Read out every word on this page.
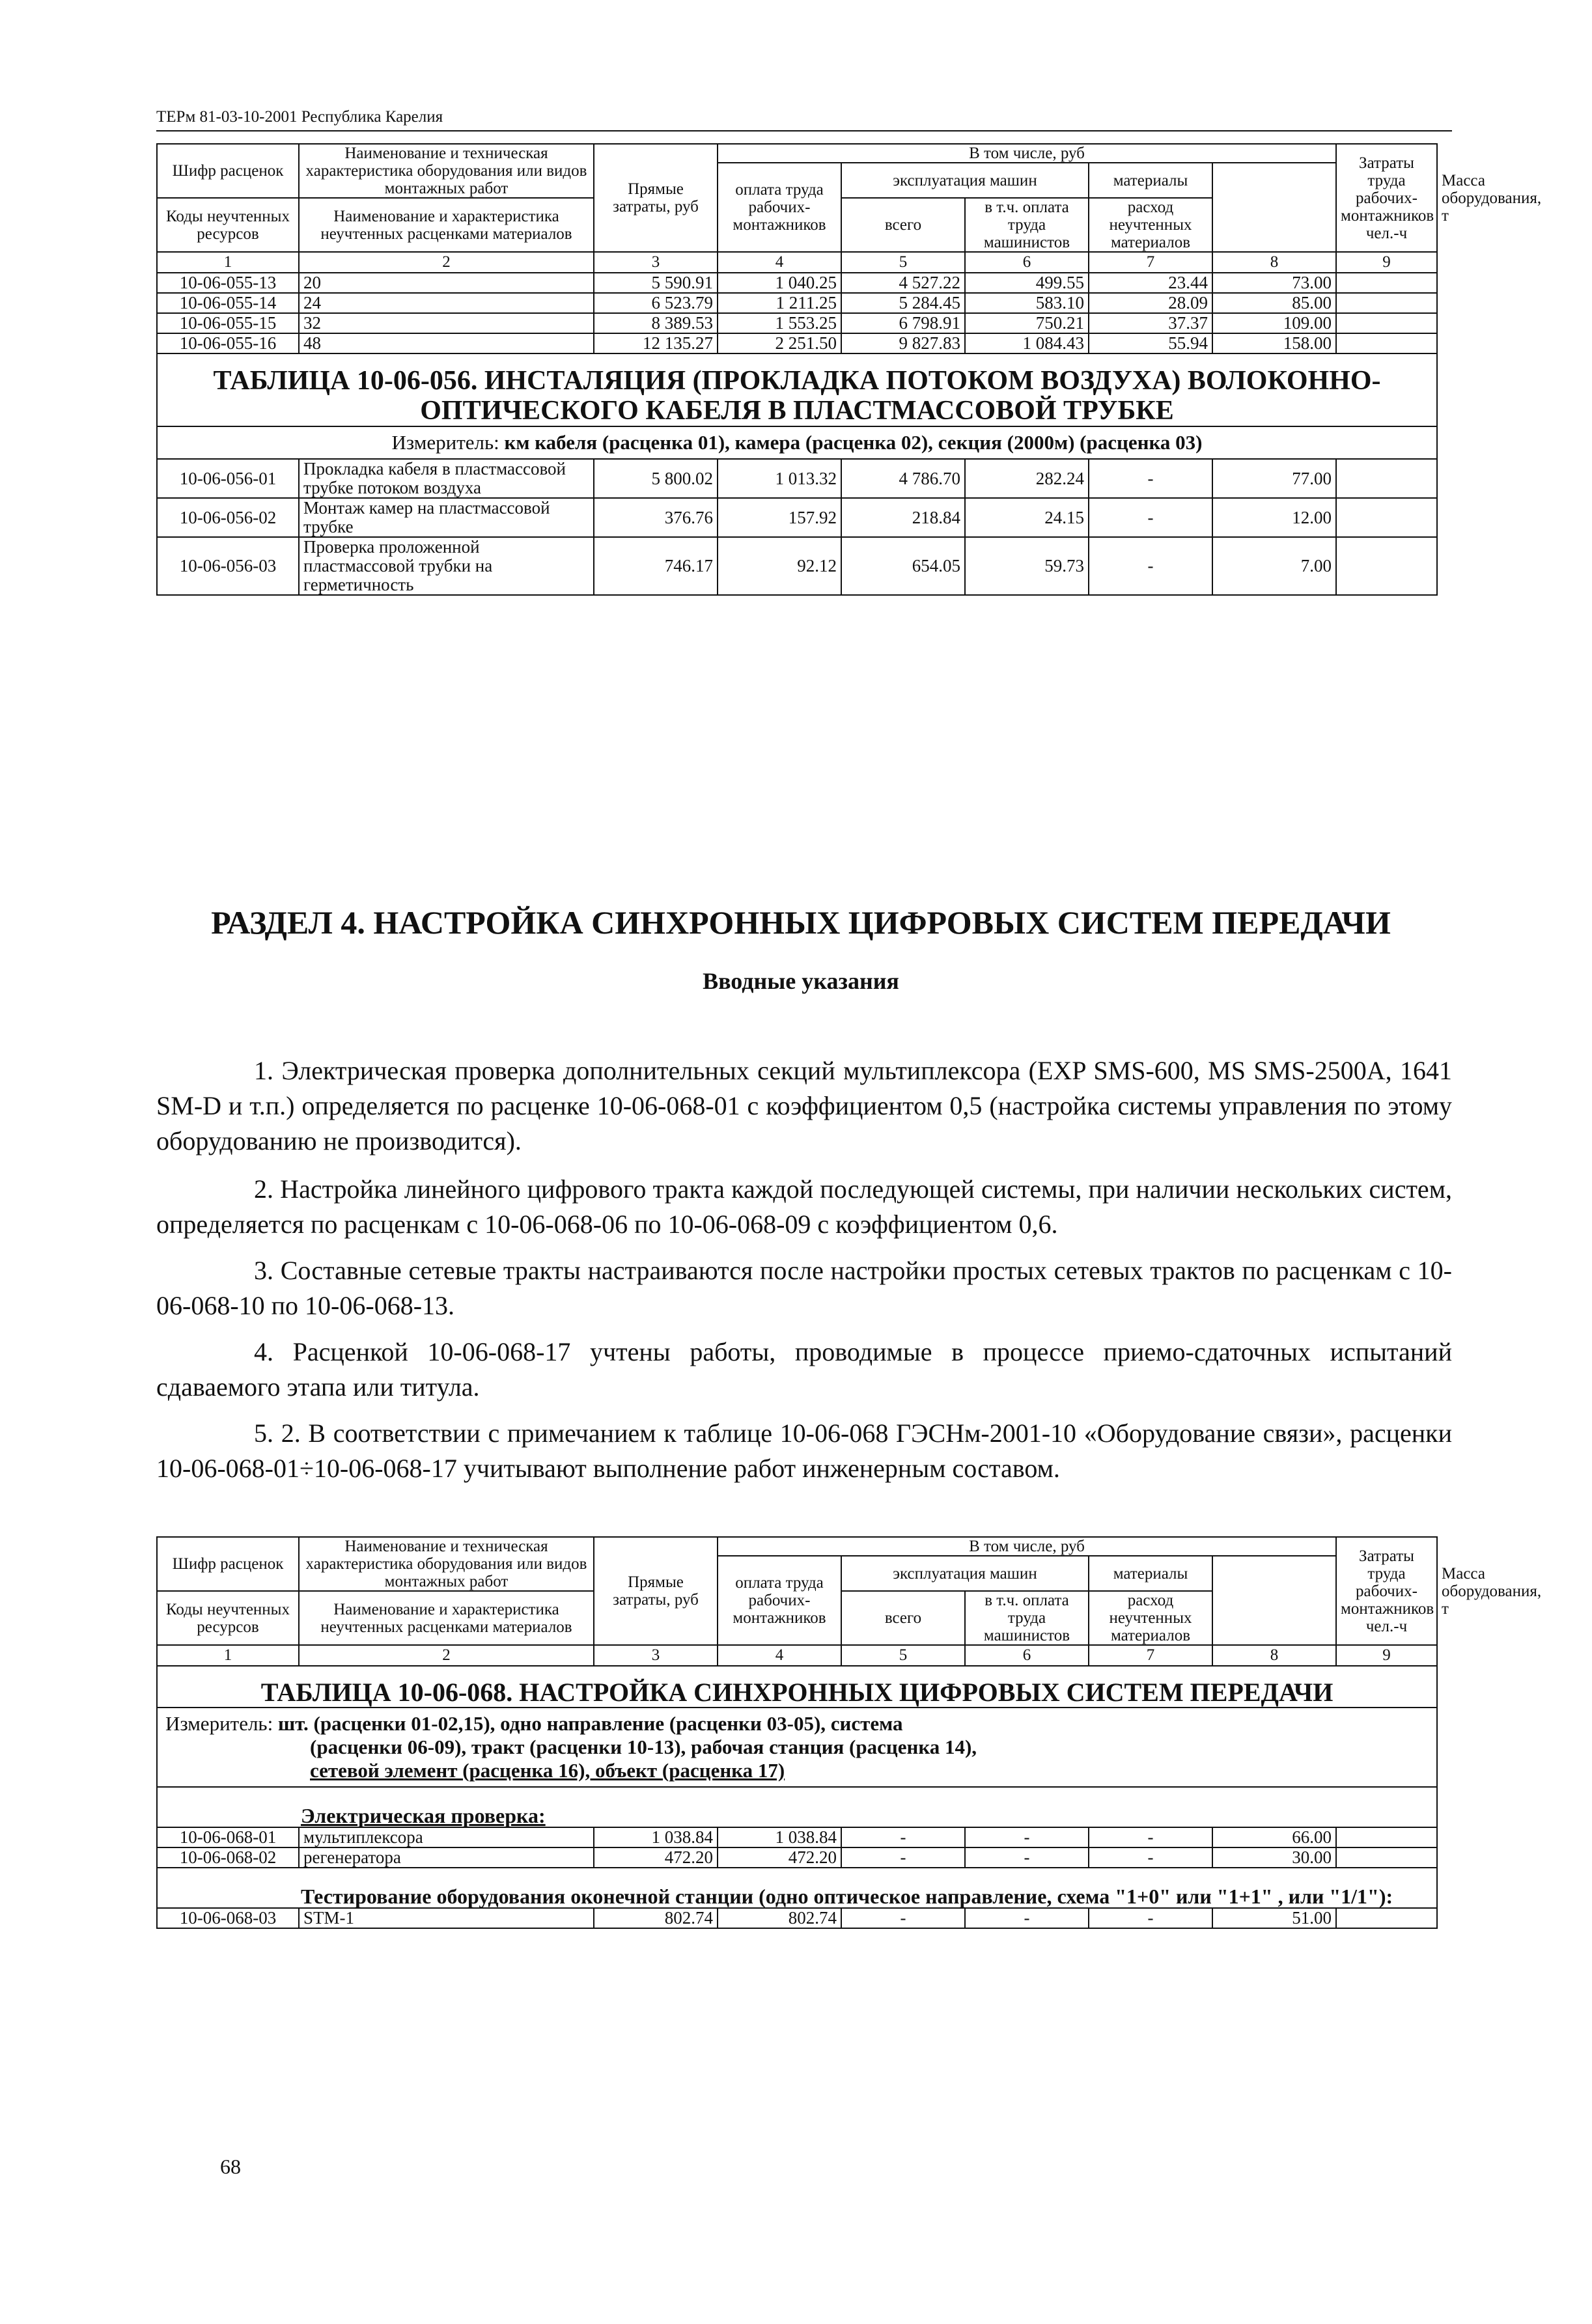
ТЕРм 81-03-10-2001 Республика Карелия
Шифр расценок	Наименование и техническая характеристика оборудования или видов монтажных работ	Прямые затраты, руб	В том числе, руб					Затраты труда рабочих-монтажников чел.-ч	Масса оборудования, т
			оплата труда рабочих-монтажников	эксплуатация машин		материалы			
Коды неучтенных ресурсов	Наименование и характеристика неучтенных расценками материалов			всего	в т.ч. оплата труда машинистов	расход неучтенных материалов			

1	2	3	4	5	6	7	8	9	
10-06-055-13	20	5 590.91	1 040.25	4 527.22	499.55	23.44	73.00		
10-06-055-14	24	6 523.79	1 211.25	5 284.45	583.10	28.09	85.00		
10-06-055-15	32	8 389.53	1 553.25	6 798.91	750.21	37.37	109.00		
10-06-055-16	48	12 135.27	2 251.50	9 827.83	1 084.43	55.94	158.00		

ТАБЛИЦА 10-06-056. ИНСТАЛЯЦИЯ (ПРОКЛАДКА ПОТОКОМ ВОЗДУХА) ВОЛОКОННО-
ОПТИЧЕСКОГО КАБЕЛЯ В ПЛАСТМАССОВОЙ ТРУБКЕ									

Измеритель: км кабеля (расценка 01), камера (расценка 02), секция (2000м) (расценка 03)									
10-06-056-01	Прокладка кабеля в пластмассовой трубке потоком воздуха	5 800.02	1 013.32	4 786.70	282.24	-	77.00		
10-06-056-02	Монтаж камер на пластмассовой трубке	376.76	157.92	218.84	24.15	-	12.00		
10-06-056-03	Проверка проложенной пластмассовой трубки на герметичность	746.17	92.12	654.05	59.73	-	7.00		
РАЗДЕЛ 4. НАСТРОЙКА СИНХРОННЫХ ЦИФРОВЫХ СИСТЕМ ПЕРЕДАЧИ
Вводные указания
1. Электрическая проверка дополнительных секций мультиплексора (EXP SMS-600, MS SMS-2500A, 1641 SM-D и т.п.) определяется по расценке 10-06-068-01 с коэффициентом 0,5 (настройка системы управления по этому оборудованию не производится).
2. Настройка линейного цифрового тракта каждой последующей системы, при наличии нескольких систем, определяется по расценкам с 10-06-068-06 по 10-06-068-09 с коэффициентом 0,6.
3. Составные сетевые тракты настраиваются после настройки простых сетевых трактов по расценкам с 10-06-068-10 по 10-06-068-13.
4. Расценкой 10-06-068-17 учтены работы, проводимые в процессе приемо-сдаточных испытаний сдаваемого этапа или титула.
5. 2. В соответствии с примечанием к таблице 10-06-068 ГЭСНм-2001-10 «Оборудование связи», расценки 10-06-068-01÷10-06-068-17 учитывают выполнение работ инженерным составом.
Шифр расценок	Наименование и техническая характеристика оборудования или видов монтажных работ	Прямые затраты, руб	В том числе, руб					Затраты труда рабочих-монтажников чел.-ч	Масса оборудования, т
			оплата труда рабочих-монтажников	эксплуатация машин		материалы			
Коды неучтенных ресурсов	Наименование и характеристика неучтенных расценками материалов			всего	в т.ч. оплата труда машинистов	расход неучтенных материалов			

1	2	3	4	5	6	7	8	9	
ТАБЛИЦА 10-06-068. НАСТРОЙКА СИНХРОННЫХ ЦИФРОВЫХ СИСТЕМ ПЕРЕДАЧИ									

Измеритель: шт. (расценки 01-02,15), одно направление (расценки 03-05), система
(расценки 06-09), тракт (расценки 10-13), рабочая станция (расценка 14),
сетевой элемент (расценка 16), объект (расценка 17)									

Электрическая проверка:									
10-06-068-01	мультиплексора	1 038.84	1 038.84	-	-	-	66.00		
10-06-068-02	регенератора	472.20	472.20	-	-	-	30.00		
Тестирование оборудования оконечной станции (одно оптическое направление, схема "1+0" или "1+1" , или "1/1"):									
10-06-068-03	STM-1	802.74	802.74	-	-	-	51.00		
68
